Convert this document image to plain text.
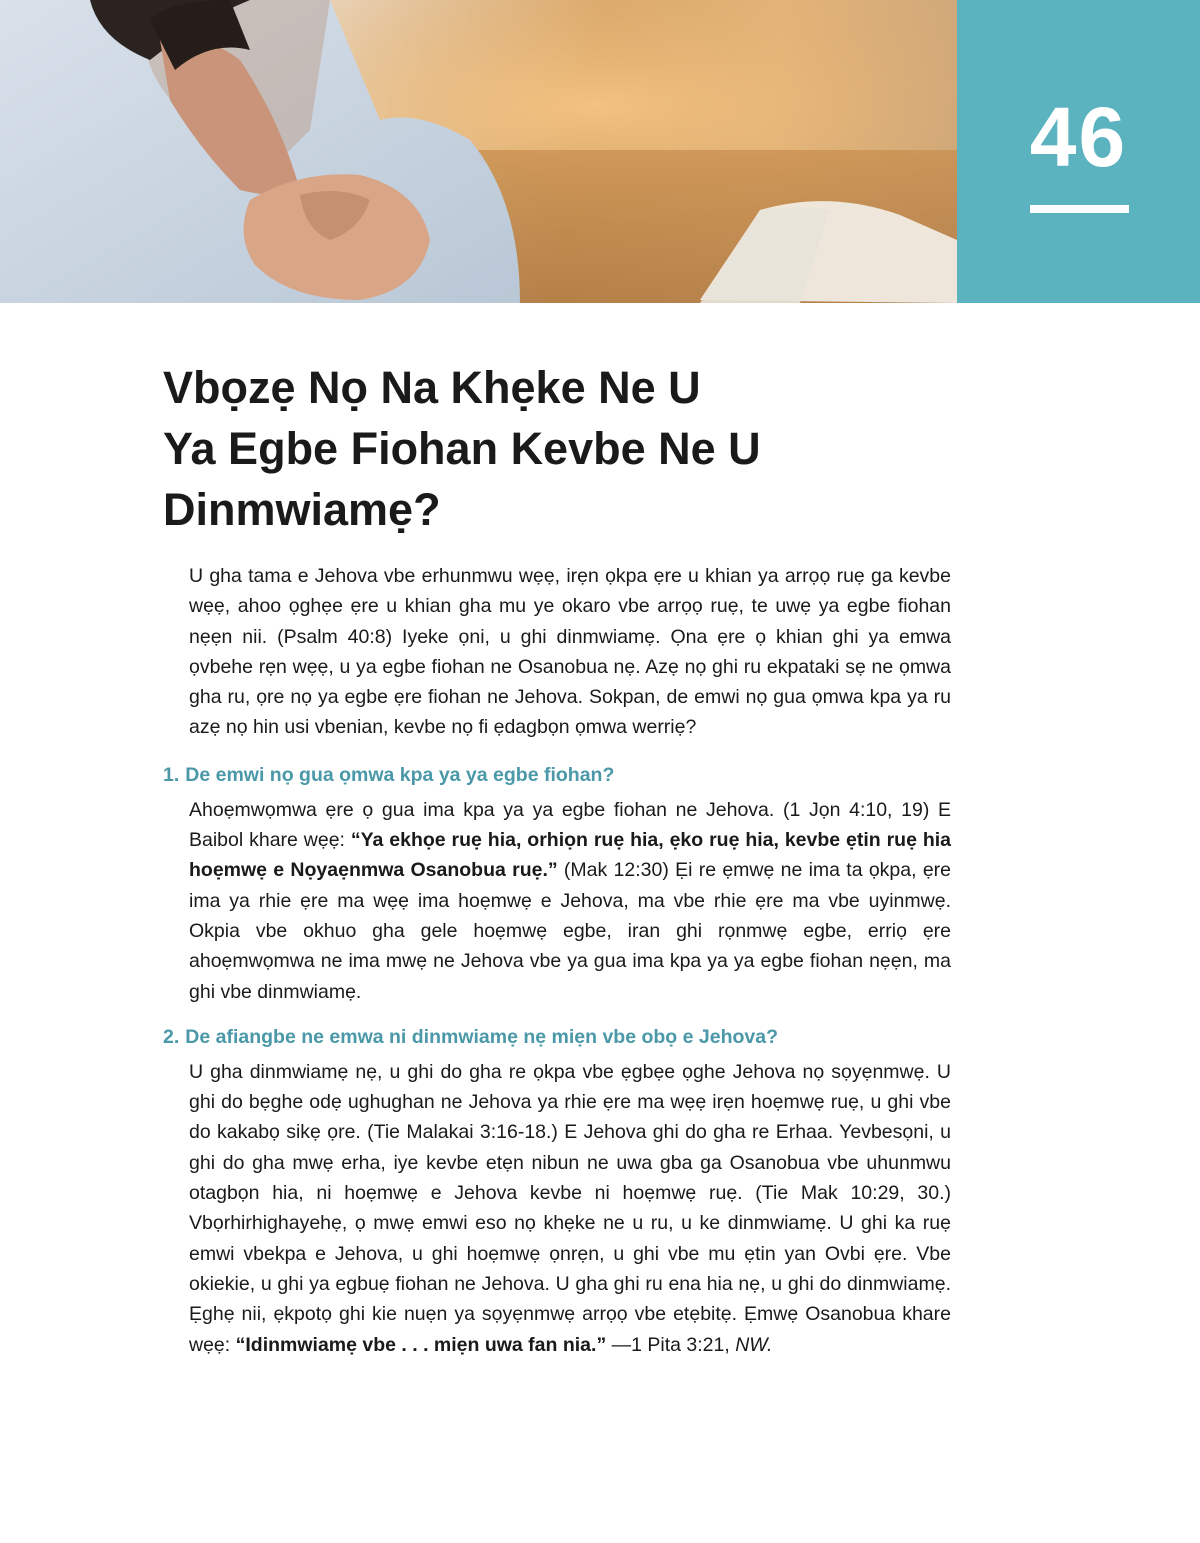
46
Vbọzẹ Nọ Na Khẹke Ne U
Ya Egbe Fiohan Kevbe Ne U
Dinmwiamẹ?

U gha tama e Jehova vbe erhunmwu wẹẹ, irẹn ọkpa ẹre u khian ya arrọọ ruẹ ga kevbe wẹẹ, ahoo ọghẹe ẹre u khian gha mu ye okaro vbe arrọọ ruẹ, te uwẹ ya egbe fiohan nẹẹn nii. (Psalm 40:8) Iyeke ọni, u ghi dinmwiamẹ. Ọna ẹre ọ khian ghi ya emwa ọvbehe rẹn wẹẹ, u ya egbe fiohan ne Osanobua nẹ. Azẹ nọ ghi ru ekpataki sẹ ne ọmwa gha ru, ọre nọ ya egbe ẹre fiohan ne Jehova. Sokpan, de emwi nọ gua ọmwa kpa ya ru azẹ nọ hin usi vbenian, kevbe nọ fi ẹdagbọn ọmwa werriẹ?

1. De emwi nọ gua ọmwa kpa ya ya egbe fiohan?

Ahoẹmwọmwa ẹre ọ gua ima kpa ya ya egbe fiohan ne Jehova. (1 Jọn 4:10, 19) E Baibol khare wẹẹ: “Ya ekhọe ruẹ hia, orhiọn ruẹ hia, ẹko ruẹ hia, kevbe ẹtin ruẹ hia hoẹmwẹ e Nọyaẹnmwa Osanobua ruẹ.” (Mak 12:30) Ẹi re ẹmwẹ ne ima ta ọkpa, ẹre ima ya rhie ẹre ma wẹẹ ima hoẹmwẹ e Jehova, ma vbe rhie ẹre ma vbe uyinmwẹ. Okpia vbe okhuo gha gele hoẹmwẹ egbe, iran ghi rọnmwẹ egbe, erriọ ẹre ahoẹmwọmwa ne ima mwẹ ne Jehova vbe ya gua ima kpa ya ya egbe fiohan nẹẹn, ma ghi vbe dinmwiamẹ.

2. De afiangbe ne emwa ni dinmwiamẹ nẹ miẹn vbe obọ e Jehova?

U gha dinmwiamẹ nẹ, u ghi do gha re ọkpa vbe ẹgbẹe ọghe Jehova nọ sọyẹnmwẹ. U ghi do bẹghe odẹ ughughan ne Jehova ya rhie ẹre ma wẹẹ irẹn hoẹmwẹ ruẹ, u ghi vbe do kakabọ sikẹ ọre. (Tie Malakai 3:16-18.) E Jehova ghi do gha re Erhaa. Yevbesọni, u ghi do gha mwẹ erha, iye kevbe etẹn nibun ne uwa gba ga Osanobua vbe uhunmwu otagbọn hia, ni hoẹmwẹ e Jehova kevbe ni hoẹmwẹ ruẹ. (Tie Mak 10:29, 30.) Vbọrhirhighayehẹ, ọ mwẹ emwi eso nọ khẹke ne u ru, u ke dinmwiamẹ. U ghi ka ruẹ emwi vbekpa e Jehova, u ghi hoẹmwẹ ọnrẹn, u ghi vbe mu ẹtin yan Ovbi ẹre. Vbe okiekie, u ghi ya egbuẹ fiohan ne Jehova. U gha ghi ru ena hia nẹ, u ghi do dinmwiamẹ. Ẹghẹ nii, ẹkpotọ ghi kie nuẹn ya sọyẹnmwẹ arrọọ vbe etẹbitẹ. Ẹmwẹ Osanobua khare wẹẹ: “Idinmwiamẹ vbe . . . miẹn uwa fan nia.” —1 Pita 3:21, NW.
